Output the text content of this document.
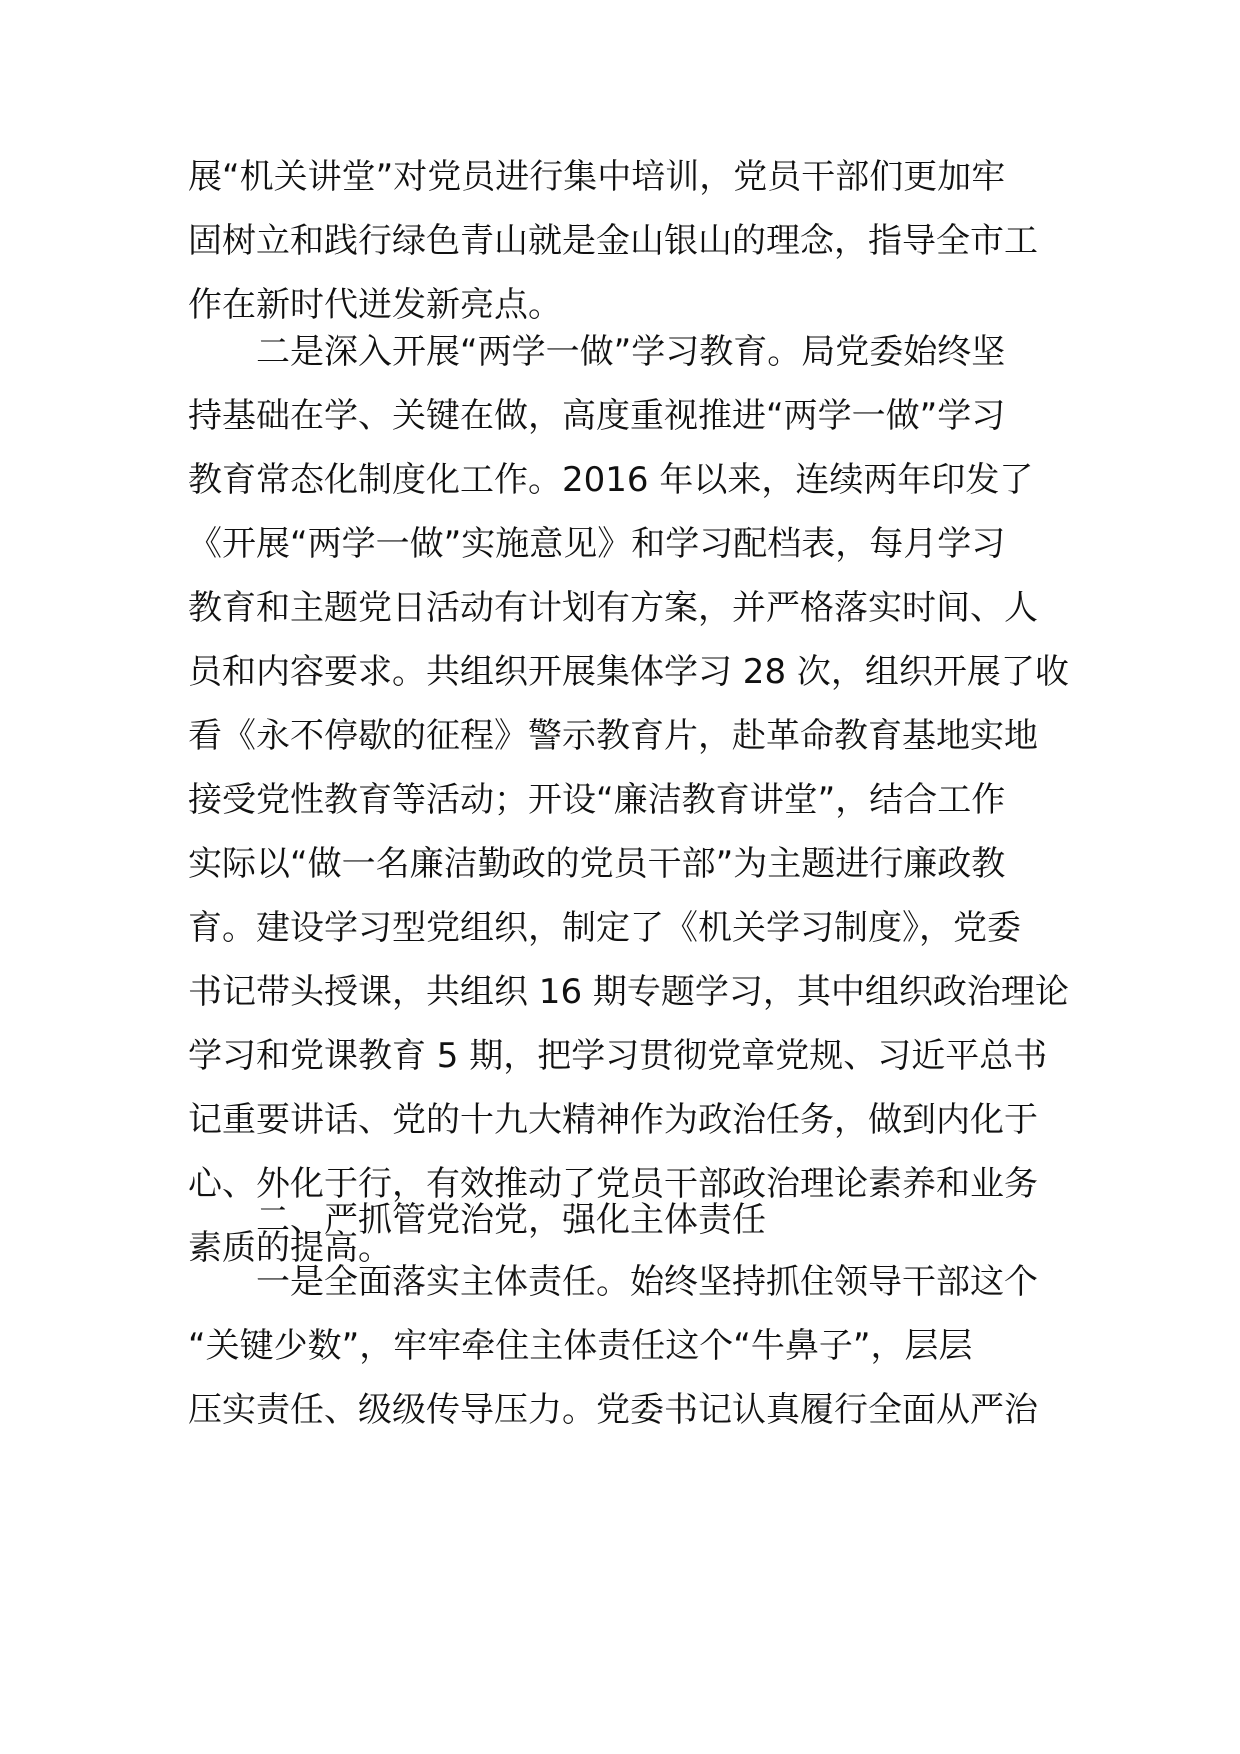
展“机关讲堂”对党员进行集中培训，党员干部们更加牢
固树立和践行绿色青山就是金山银山的理念，指导全市工
作在新时代迸发新亮点。
二是深入开展“两学一做”学习教育。局党委始终坚
持基础在学、关键在做，高度重视推进“两学一做”学习
教育常态化制度化工作。2016 年以来，连续两年印发了
《开展“两学一做”实施意见》和学习配档表，每月学习
教育和主题党日活动有计划有方案，并严格落实时间、人
员和内容要求。共组织开展集体学习 28 次，组织开展了收
看《永不停歇的征程》警示教育片，赴革命教育基地实地
接受党性教育等活动；开设“廉洁教育讲堂”，结合工作
实际以“做一名廉洁勤政的党员干部”为主题进行廉政教
育。建设学习型党组织，制定了《机关学习制度》，党委
书记带头授课，共组织 16 期专题学习，其中组织政治理论
学习和党课教育 5 期，把学习贯彻党章党规、习近平总书
记重要讲话、党的十九大精神作为政治任务，做到内化于
心、外化于行，有效推动了党员干部政治理论素养和业务
素质的提高。
二、严抓管党治党，强化主体责任
一是全面落实主体责任。始终坚持抓住领导干部这个
“关键少数”，牢牢牵住主体责任这个“牛鼻子”，层层
压实责任、级级传导压力。党委书记认真履行全面从严治
